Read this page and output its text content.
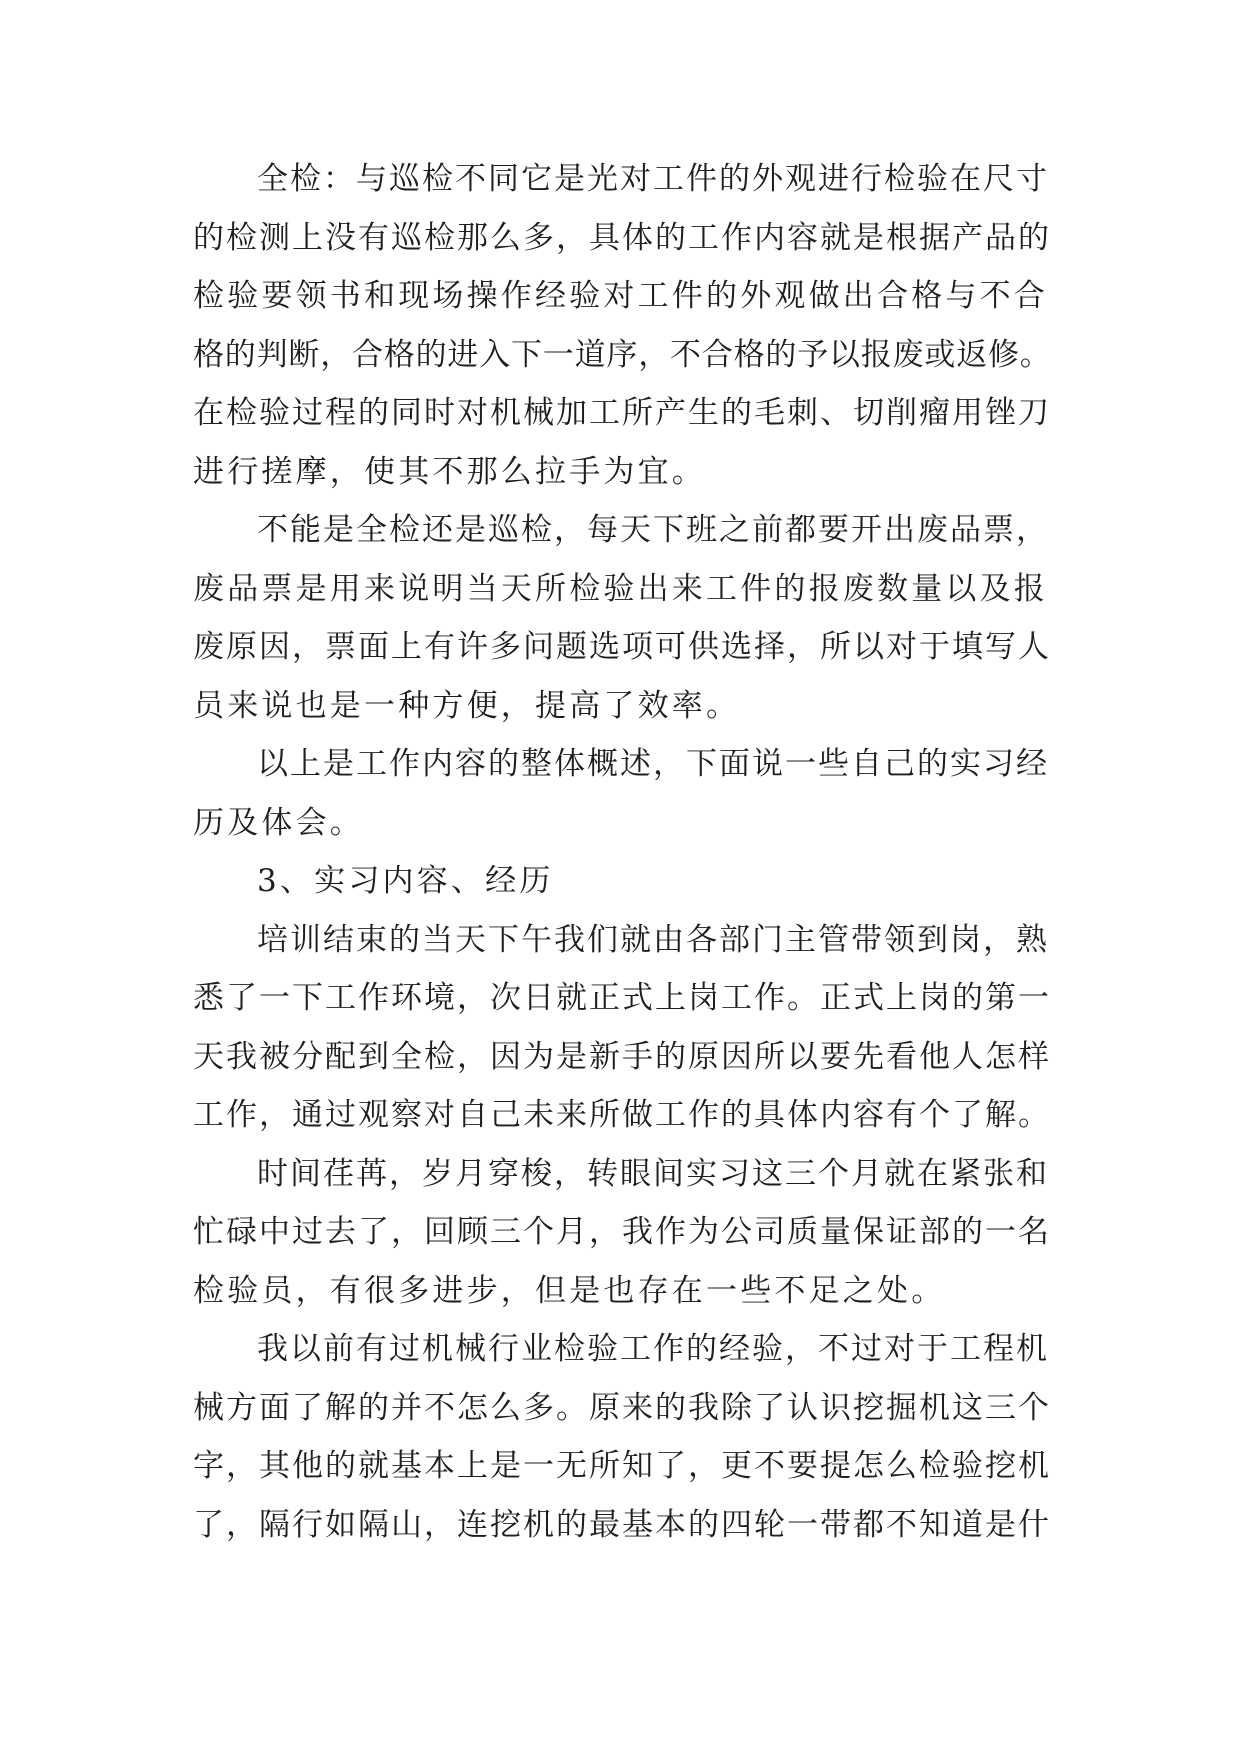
全检：与巡检不同它是光对工件的外观进行检验在尺寸
的检测上没有巡检那么多，具体的工作内容就是根据产品的
检验要领书和现场操作经验对工件的外观做出合格与不合
格的判断，合格的进入下一道序，不合格的予以报废或返修。
在检验过程的同时对机械加工所产生的毛刺、切削瘤用锉刀
进行搓摩，使其不那么拉手为宜。
不能是全检还是巡检，每天下班之前都要开出废品票，
废品票是用来说明当天所检验出来工件的报废数量以及报
废原因，票面上有许多问题选项可供选择，所以对于填写人
员来说也是一种方便，提高了效率。
以上是工作内容的整体概述，下面说一些自己的实习经
历及体会。
3、实习内容、经历
培训结束的当天下午我们就由各部门主管带领到岗，熟
悉了一下工作环境，次日就正式上岗工作。正式上岗的第一
天我被分配到全检，因为是新手的原因所以要先看他人怎样
工作，通过观察对自己未来所做工作的具体内容有个了解。
时间荏苒，岁月穿梭，转眼间实习这三个月就在紧张和
忙碌中过去了，回顾三个月，我作为公司质量保证部的一名
检验员，有很多进步，但是也存在一些不足之处。
我以前有过机械行业检验工作的经验，不过对于工程机
械方面了解的并不怎么多。原来的我除了认识挖掘机这三个
字，其他的就基本上是一无所知了，更不要提怎么检验挖机
了，隔行如隔山，连挖机的最基本的四轮一带都不知道是什
